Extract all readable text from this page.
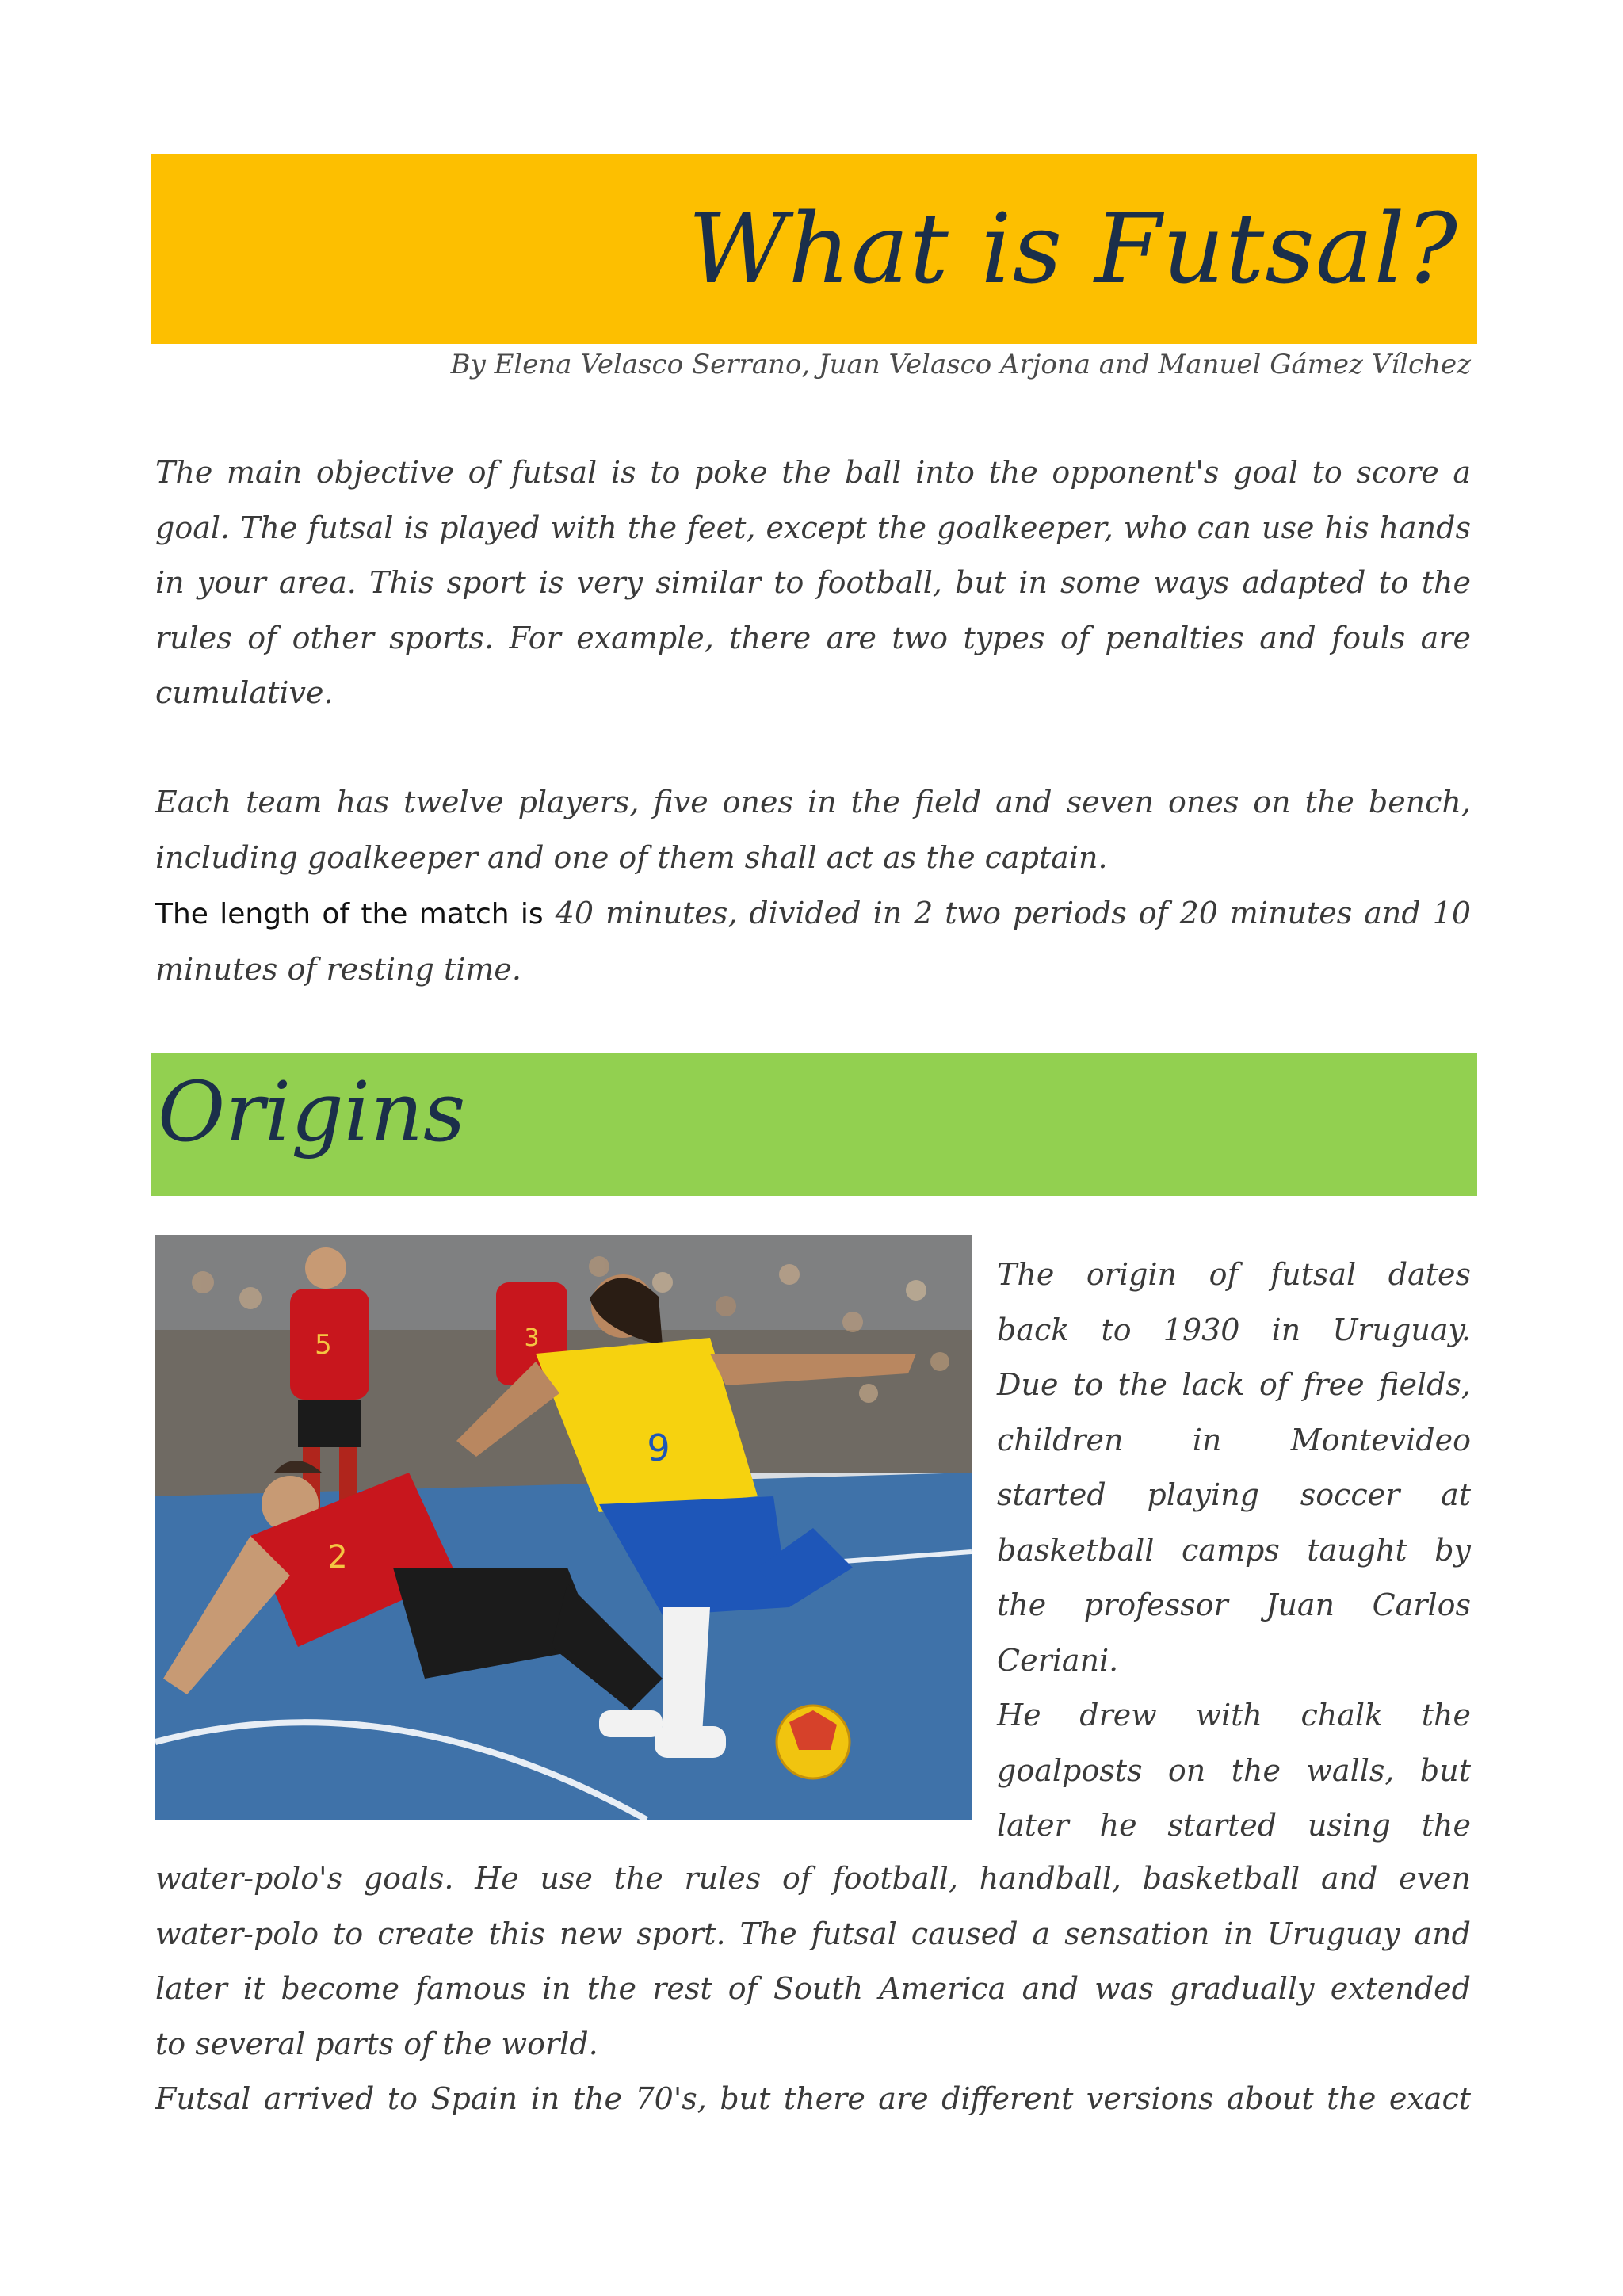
What is Futsal?
By Elena Velasco Serrano, Juan Velasco Arjona and Manuel Gámez Vílchez

The main objective of futsal is to poke the ball into the opponent's goal to score a goal. The futsal is played with the feet, except the goalkeeper, who can use his hands in your area. This sport is very similar to football, but in some ways adapted to the rules of other sports. For example, there are two types of penalties and fouls are cumulative.

Each team has twelve players, five ones in the field and seven ones on the bench, including goalkeeper and one of them shall act as the captain.

The length of the match is 40 minutes, divided in 2 two periods of 20 minutes and 10 minutes of resting time.

Origins
5	3
2
9
The origin of futsal dates
back to 1930 in Uruguay.
Due to the lack of free fields,
children in Montevideo
started playing soccer at
basketball camps taught by
the professor Juan Carlos
Ceriani.
He drew with chalk the
goalposts on the walls, but
later he started using the
water-polo's goals. He use the rules of football, handball, basketball and even
water-polo to create this new sport. The futsal caused a sensation in Uruguay and
later it become famous in the rest of South America and was gradually extended
to several parts of the world.
Futsal arrived to Spain in the 70's, but there are different versions about the exact
